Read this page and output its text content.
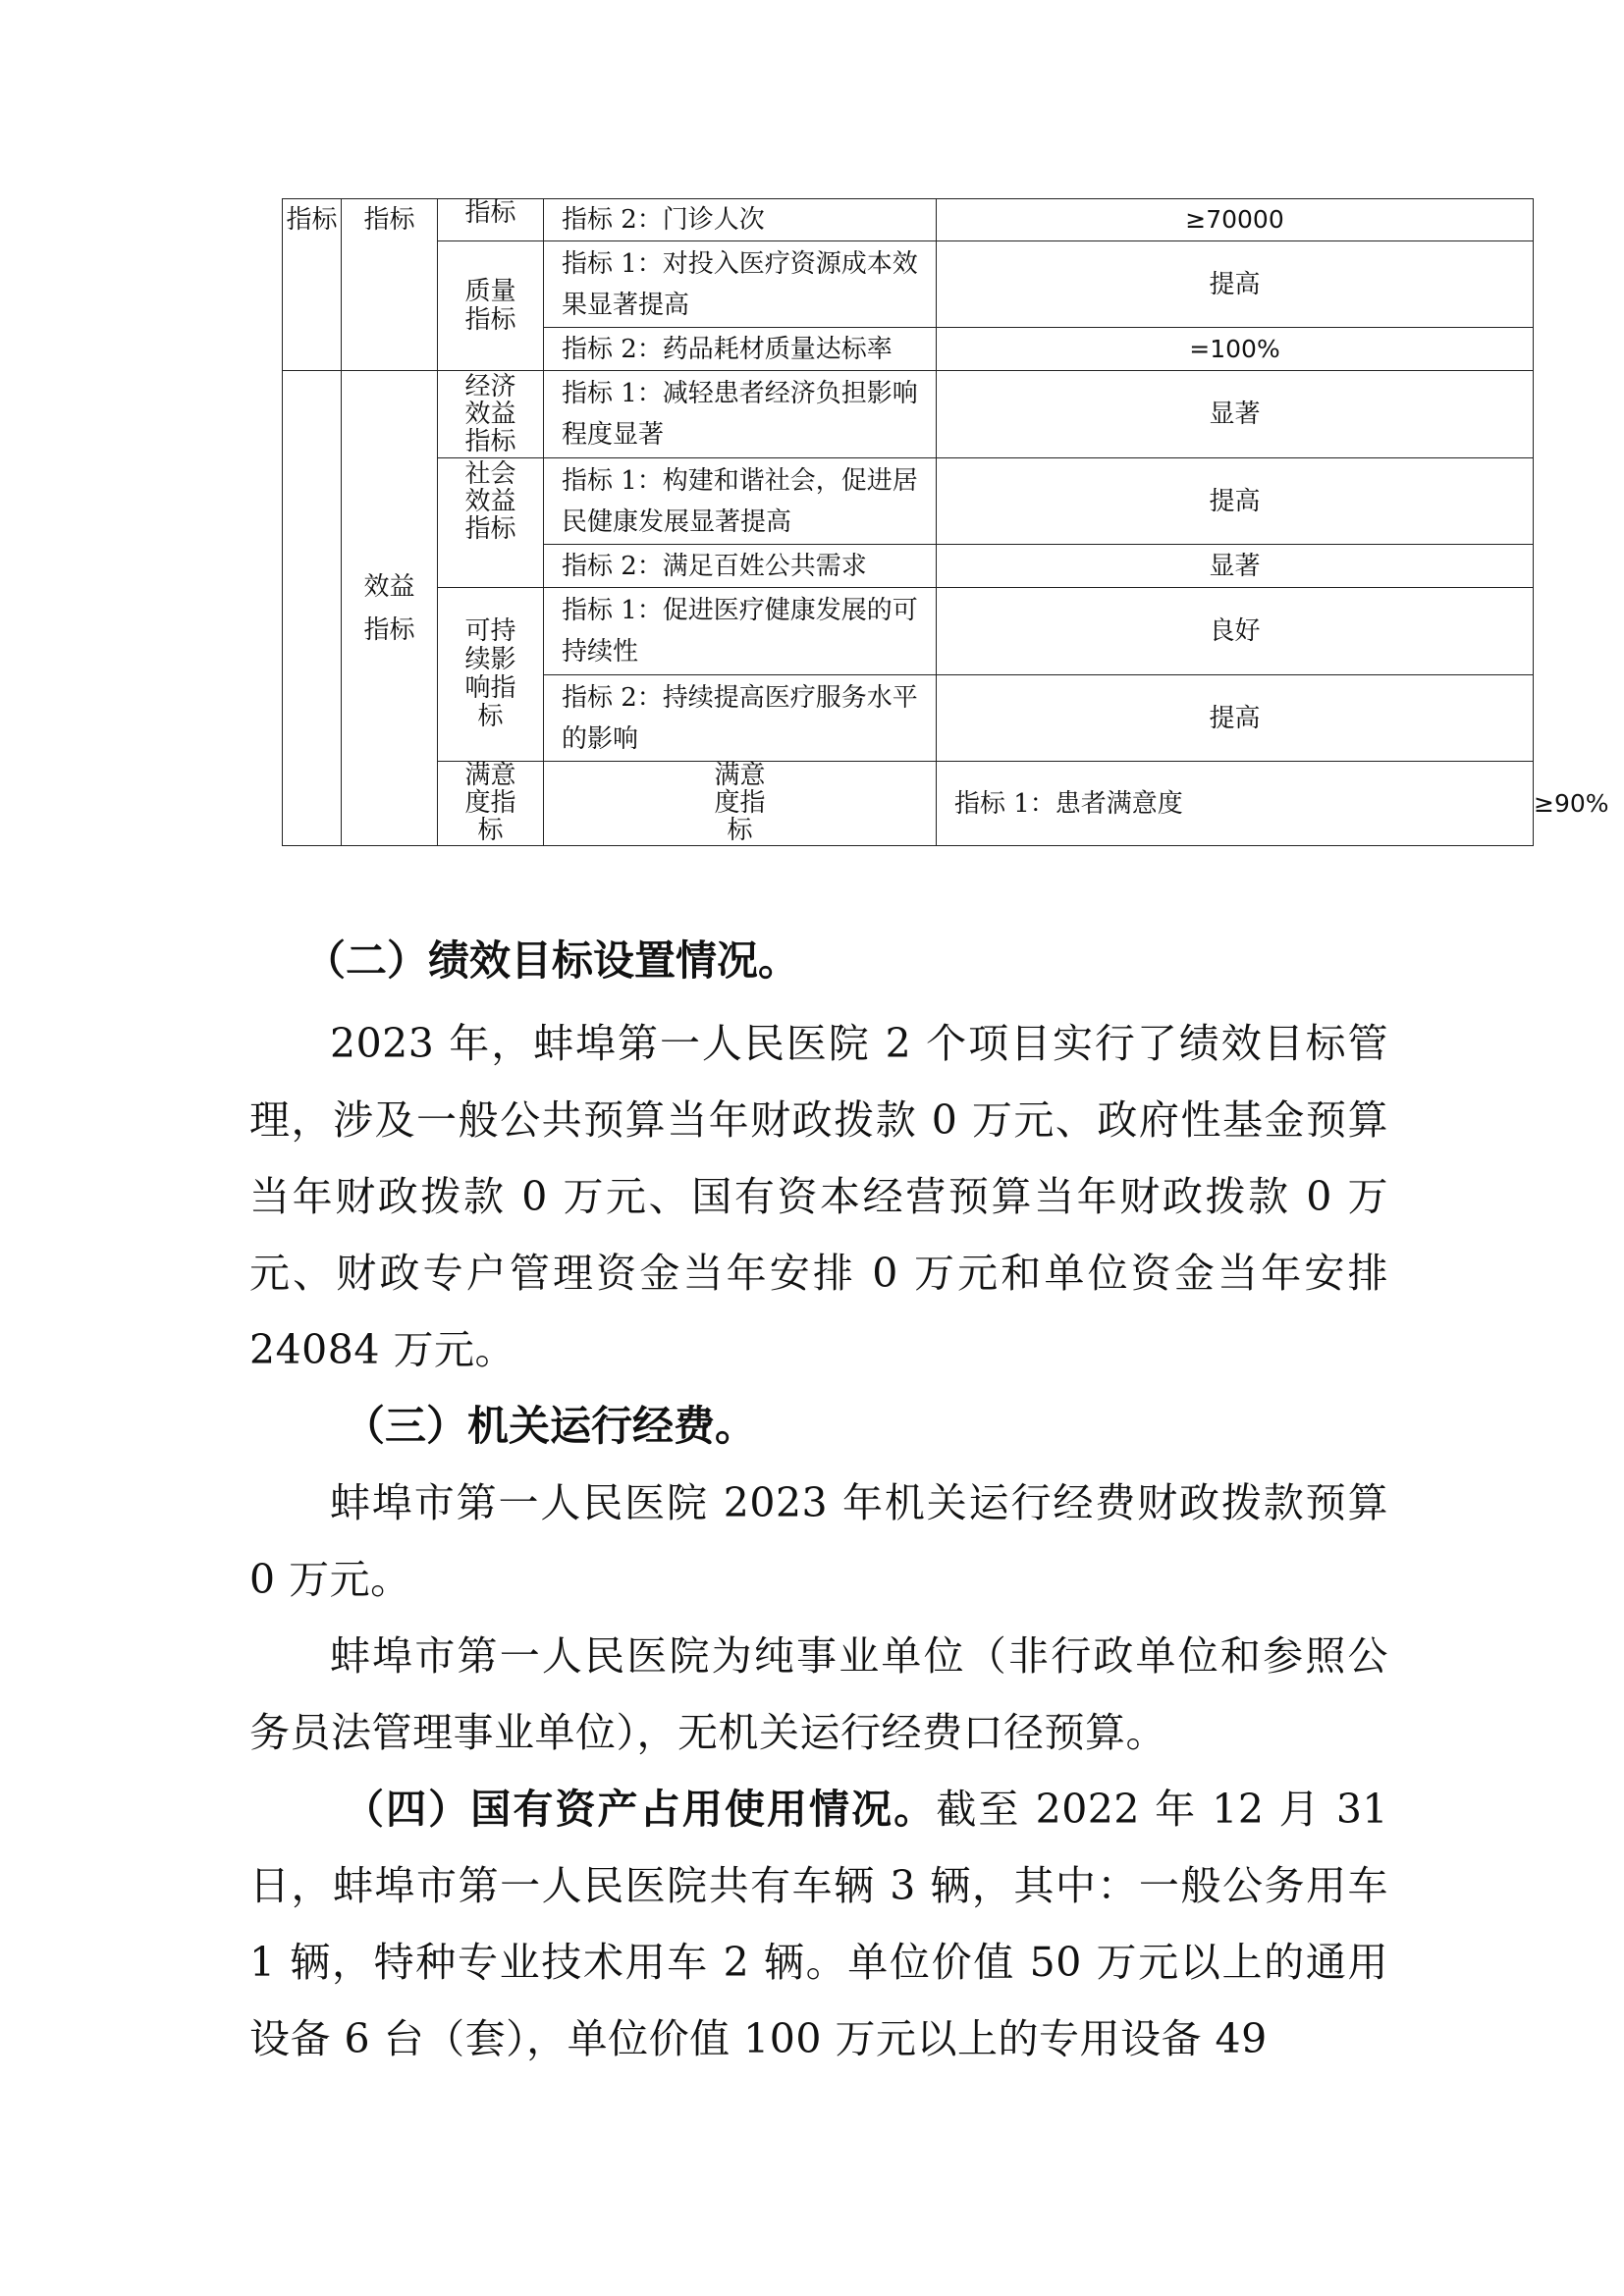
指标	指标	指标	指标 2：门诊人次	≥70000	
		质量指标	指标 1：对投入医疗资源成本效果显著提高	提高	
			指标 2：药品耗材质量达标率	=100%	
	效益指标	经济效益指标	指标 1：减轻患者经济负担影响程度显著	显著	
		社会效益指标	指标 1：构建和谐社会，促进居民健康发展显著提高	提高	
			指标 2：满足百姓公共需求	显著	
		可持续影响指标	指标 1：促进医疗健康发展的可持续性	良好	
			指标 2：持续提高医疗服务水平的影响	提高	
		满意度指标	满意度指标	指标 1：患者满意度	≥90%

（二）绩效目标设置情况。

2023 年，蚌埠第一人民医院 2 个项目实行了绩效目标管理，涉及一般公共预算当年财政拨款 0 万元、政府性基金预算当年财政拨款 0 万元、国有资本经营预算当年财政拨款 0 万元、财政专户管理资金当年安排 0 万元和单位资金当年安排 24084 万元。

（三）机关运行经费。

蚌埠市第一人民医院 2023 年机关运行经费财政拨款预算 0 万元。

蚌埠市第一人民医院为纯事业单位（非行政单位和参照公务员法管理事业单位），无机关运行经费口径预算。

（四）国有资产占用使用情况。截至 2022 年 12 月 31 日，蚌埠市第一人民医院共有车辆 3 辆，其中：一般公务用车 1 辆，特种专业技术用车 2 辆。单位价值 50 万元以上的通用设备 6 台（套），单位价值 100 万元以上的专用设备 49
